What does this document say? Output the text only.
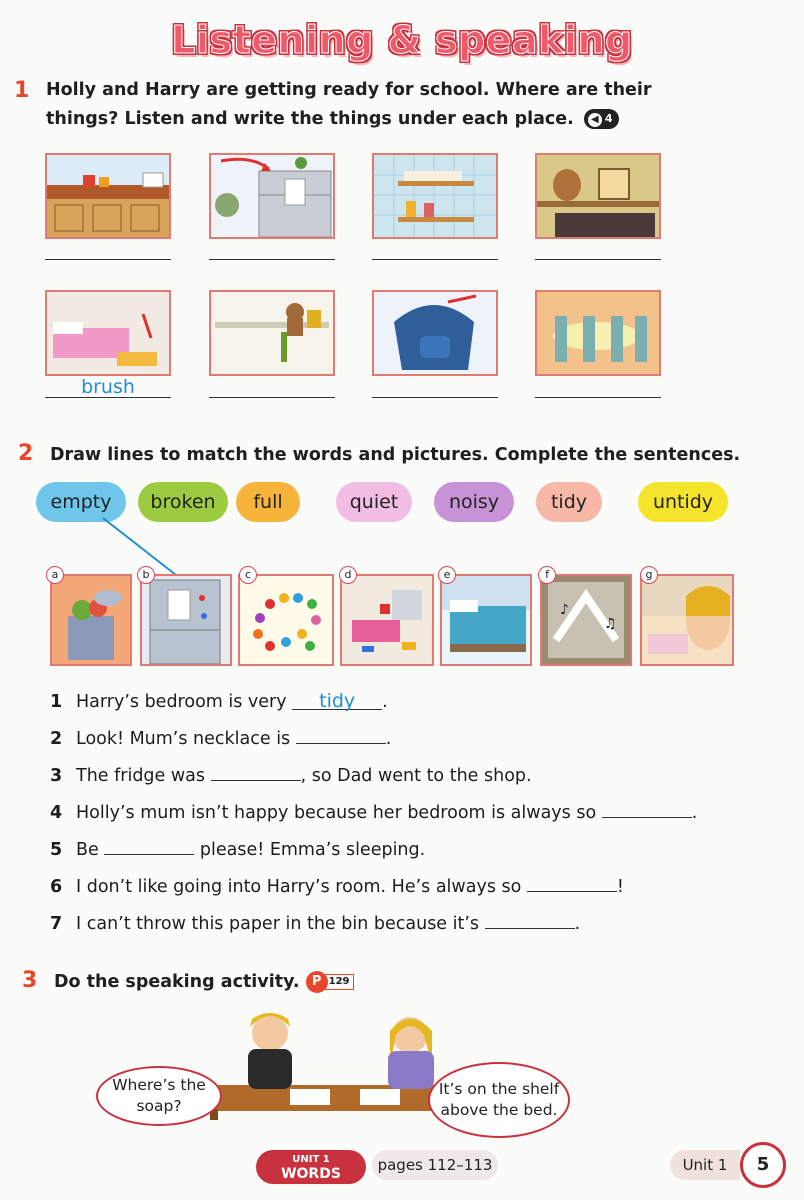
Listening & speaking
1 Holly and Harry are getting ready for school. Where are their
things? Listen and write the things under each place. ◀ 4
brush
2 Draw lines to match the words and pictures. Complete the sentences.
empty	broken	full	quiet	noisy	tidy	untidy
♪
♫
a	b	c	d	e	f	g
1 Harry’s bedroom is very tidy .
2 Look! Mum’s necklace is	.
3 The fridge was	, so Dad went to the shop.
4 Holly’s mum isn’t happy because her bedroom is always so	.
5 Be	please! Emma’s sleeping.
6 I don’t like going into Harry’s room. He’s always so	!
7 I can’t throw this paper in the bin because it’s	.
3 Do the speaking activity. P 129
Where’s the soap?
It’s on the shelf above the bed.
UNIT 1
WORDS	pages 112–113	Unit 1	5
